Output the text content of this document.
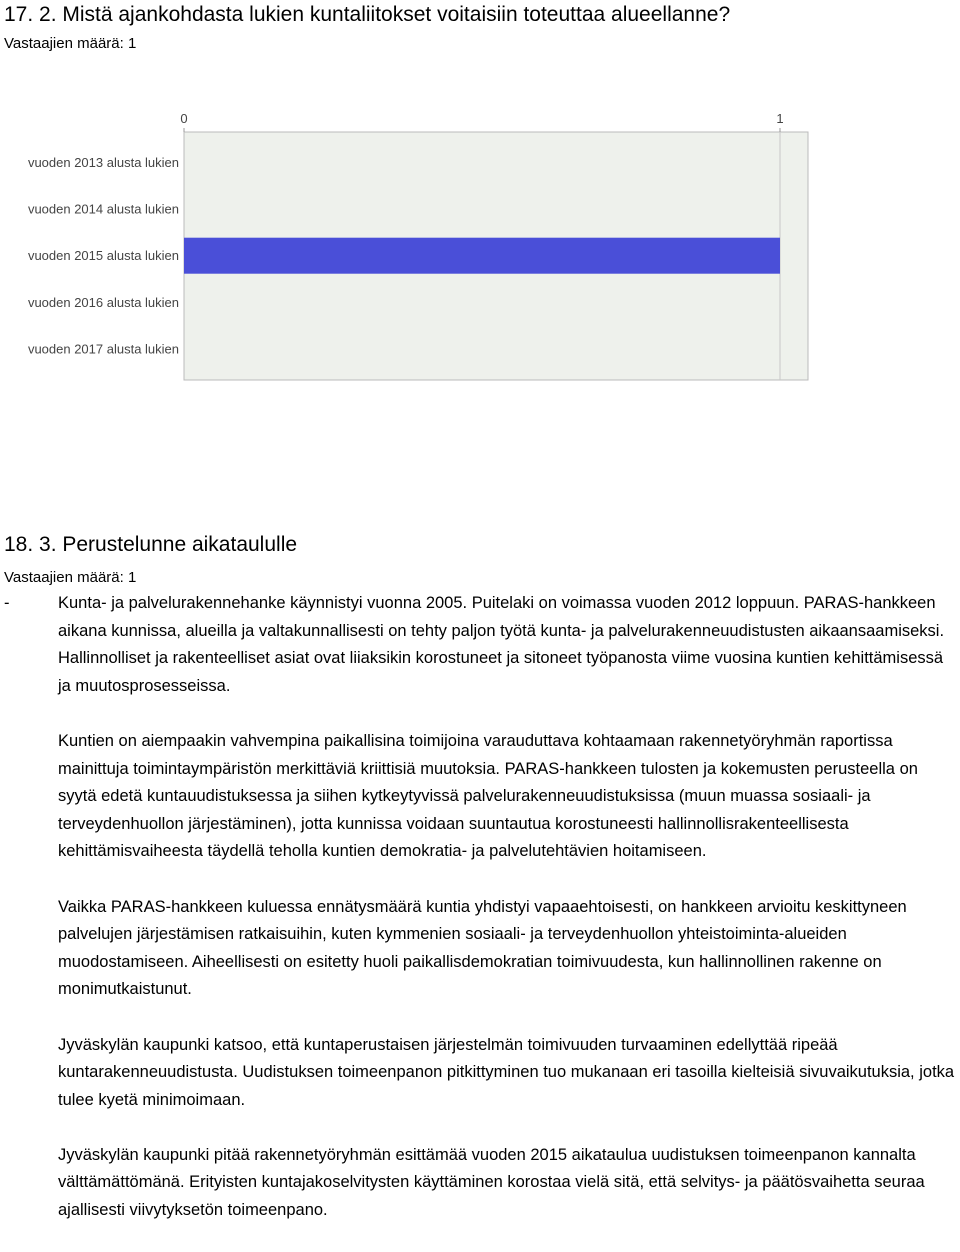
17. 2. Mistä ajankohdasta lukien kuntaliitokset voitaisiin toteuttaa alueellanne?
Vastaajien määrä: 1
0	1
vuoden 2013 alusta lukien
vuoden 2014 alusta lukien
vuoden 2015 alusta lukien
vuoden 2016 alusta lukien
vuoden 2017 alusta lukien
18. 3. Perustelunne aikataululle
Vastaajien määrä: 1

-	Kunta- ja palvelurakennehanke käynnistyi vuonna 2005. Puitelaki on voimassa vuoden 2012 loppuun. PARAS-hankkeen aikana kunnissa, alueilla ja valtakunnallisesti on tehty paljon työtä kunta- ja palvelurakenneuudistusten aikaansaamiseksi. Hallinnolliset ja rakenteelliset asiat ovat liiaksikin korostuneet ja sitoneet työpanosta viime vuosina kuntien kehittämisessä ja muutosprosesseissa.

Kuntien on aiempaakin vahvempina paikallisina toimijoina varauduttava kohtaamaan rakennetyöryhmän raportissa mainittuja toimintaympäristön merkittäviä kriittisiä muutoksia. PARAS-hankkeen tulosten ja kokemusten perusteella on syytä edetä kuntauudistuksessa ja siihen kytkeytyvissä palvelurakenneuudistuksissa (muun muassa sosiaali- ja terveydenhuollon järjestäminen), jotta kunnissa voidaan suuntautua korostuneesti hallinnollisrakenteellisesta kehittämisvaiheesta täydellä teholla kuntien demokratia- ja palvelutehtävien hoitamiseen.

Vaikka PARAS-hankkeen kuluessa ennätysmäärä kuntia yhdistyi vapaaehtoisesti, on hankkeen arvioitu keskittyneen palvelujen järjestämisen ratkaisuihin, kuten kymmenien sosiaali- ja terveydenhuollon yhteistoiminta-alueiden muodostamiseen. Aiheellisesti on esitetty huoli paikallisdemokratian toimivuudesta, kun hallinnollinen rakenne on monimutkaistunut.

Jyväskylän kaupunki katsoo, että kuntaperustaisen järjestelmän toimivuuden turvaaminen edellyttää ripeää kuntarakenneuudistusta. Uudistuksen toimeenpanon pitkittyminen tuo mukanaan eri tasoilla kielteisiä sivuvaikutuksia, jotka tulee kyetä minimoimaan.

Jyväskylän kaupunki pitää rakennetyöryhmän esittämää vuoden 2015 aikataulua uudistuksen toimeenpanon kannalta välttämättömänä. Erityisten kuntajakoselvitysten käyttäminen korostaa vielä sitä, että selvitys- ja päätösvaihetta seuraa ajallisesti viivytyksetön toimeenpano.
